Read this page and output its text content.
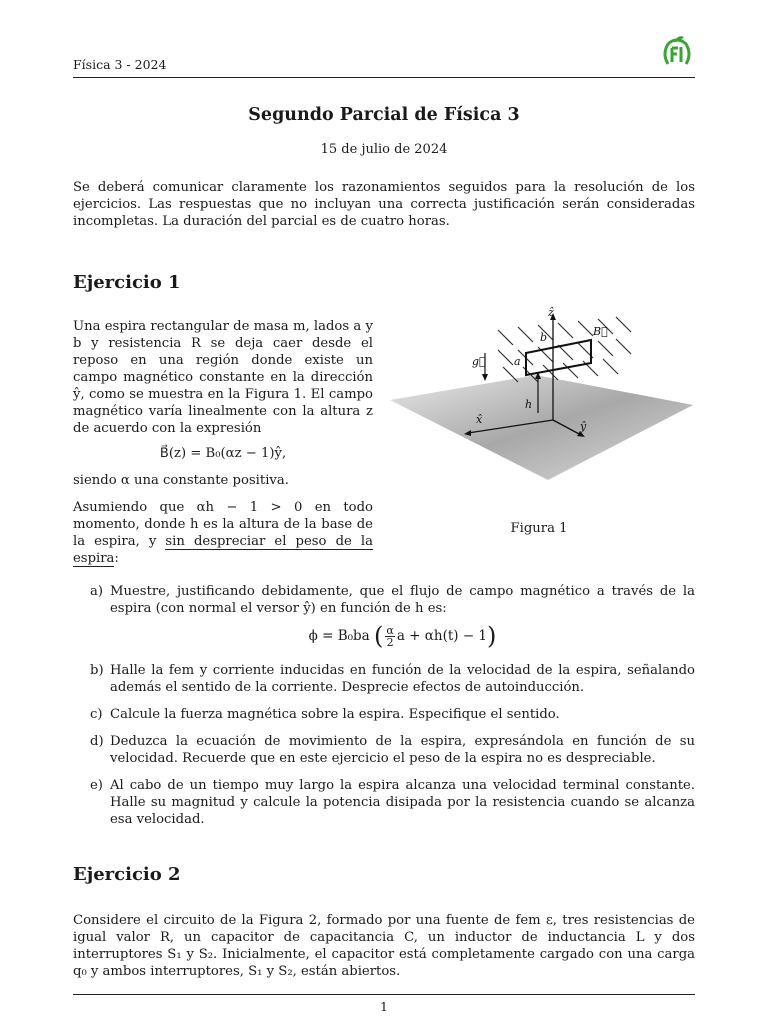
Física 3 - 2024
Segundo Parcial de Física 3
15 de julio de 2024
Se deberá comunicar claramente los razonamientos seguidos para la resolución de los ejercicios. Las respuestas que no incluyan una correcta justificación serán consideradas incompletas. La duración del parcial es de cuatro horas.
Ejercicio 1
Una espira rectangular de masa m, lados a y b y resistencia R se deja caer desde el reposo en una región donde existe un campo magnético constante en la dirección ŷ, como se muestra en la Figura 1. El campo magnético varía linealmente con la altura z de acuerdo con la expresión
B⃗(z) = B₀(αz − 1)ŷ,
siendo α una constante positiva.
Asumiendo que αh − 1 > 0 en todo momento, donde h es la altura de la base de la espira, y sin despreciar el peso de la espira:
ẑ
x̂
ŷ
g⃗
B⃗
a
b
h
Figura 1
a) Muestre, justificando debidamente, que el flujo de campo magnético a través de la espira (con normal el versor ŷ) en función de h es:
ϕ = B₀ba ( $\frac{\alpha}{2}$ a + αh(t) − 1)
b) Halle la fem y corriente inducidas en función de la velocidad de la espira, señalando además el sentido de la corriente. Desprecie efectos de autoinducción.
c) Calcule la fuerza magnética sobre la espira. Especifique el sentido.
d) Deduzca la ecuación de movimiento de la espira, expresándola en función de su velocidad. Recuerde que en este ejercicio el peso de la espira no es despreciable.
e) Al cabo de un tiempo muy largo la espira alcanza una velocidad terminal constante. Halle su magnitud y calcule la potencia disipada por la resistencia cuando se alcanza esa velocidad.
Ejercicio 2
Considere el circuito de la Figura 2, formado por una fuente de fem ε, tres resistencias de igual valor R, un capacitor de capacitancia C, un inductor de inductancia L y dos interruptores S₁ y S₂. Inicialmente, el capacitor está completamente cargado con una carga q₀ y ambos interruptores, S₁ y S₂, están abiertos.
1
